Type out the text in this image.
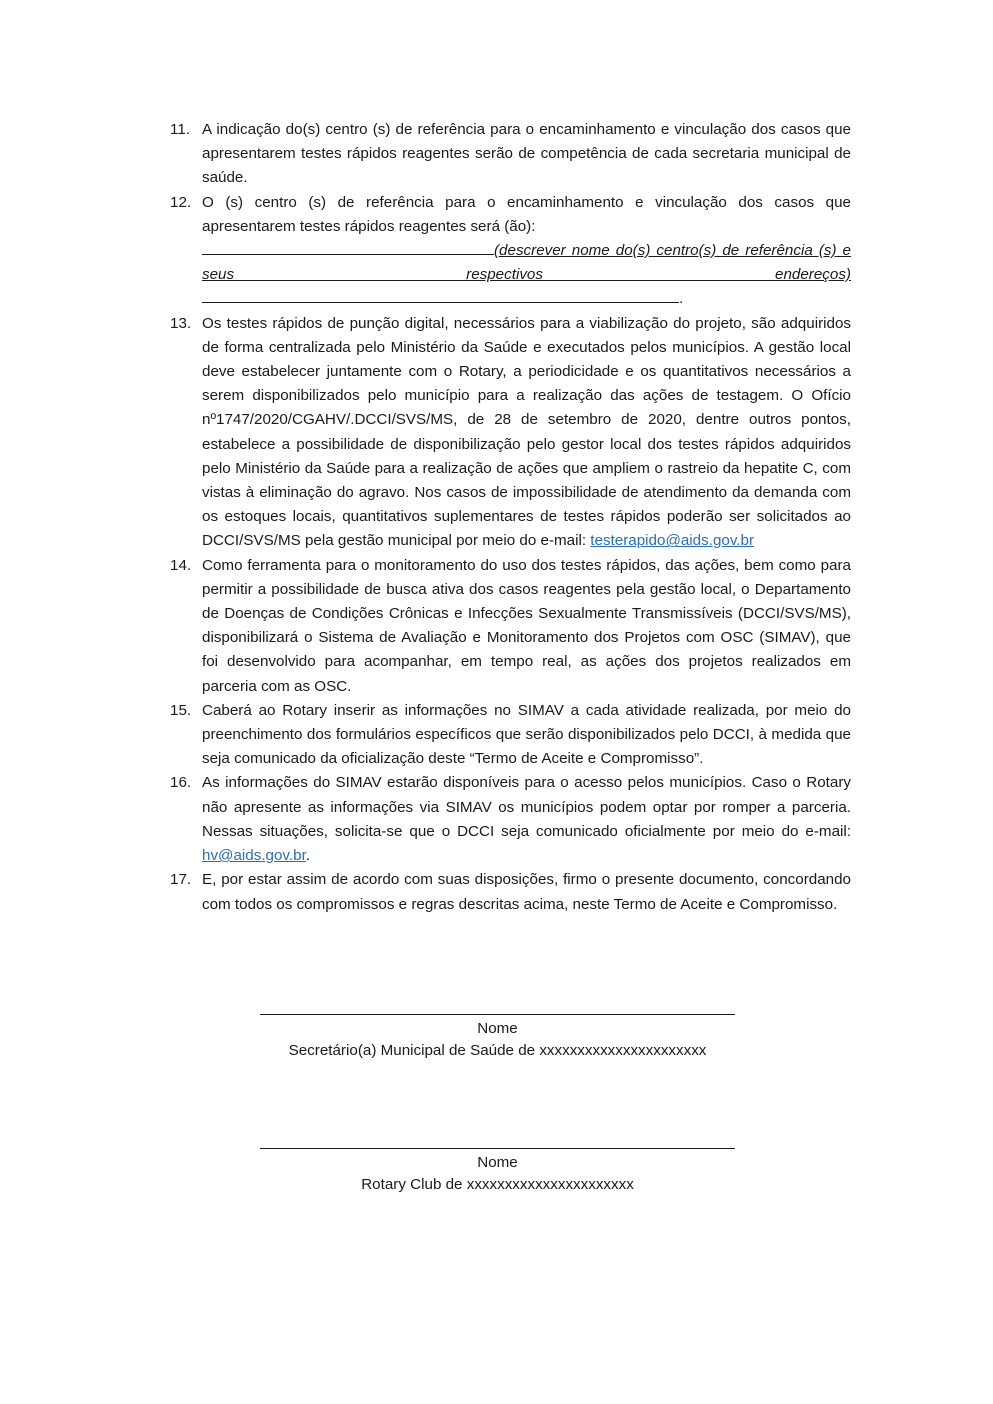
11. A indicação do(s) centro (s) de referência para o encaminhamento e vinculação dos casos que apresentarem testes rápidos reagentes serão de competência de cada secretaria municipal de saúde.
12. O (s) centro (s) de referência para o encaminhamento e vinculação dos casos que apresentarem testes rápidos reagentes será (ão):

(descrever nome do(s) centro(s) de referência (s) e seus respectivos endereços).
13. Os testes rápidos de punção digital, necessários para a viabilização do projeto, são adquiridos de forma centralizada pelo Ministério da Saúde e executados pelos municípios. A gestão local deve estabelecer juntamente com o Rotary, a periodicidade e os quantitativos necessários a serem disponibilizados pelo município para a realização das ações de testagem. O Ofício nº1747/2020/CGAHV/.DCCI/SVS/MS, de 28 de setembro de 2020, dentre outros pontos, estabelece a possibilidade de disponibilização pelo gestor local dos testes rápidos adquiridos pelo Ministério da Saúde para a realização de ações que ampliem o rastreio da hepatite C, com vistas à eliminação do agravo. Nos casos de impossibilidade de atendimento da demanda com os estoques locais, quantitativos suplementares de testes rápidos poderão ser solicitados ao DCCI/SVS/MS pela gestão municipal por meio do e-mail: testerapido@aids.gov.br
14. Como ferramenta para o monitoramento do uso dos testes rápidos, das ações, bem como para permitir a possibilidade de busca ativa dos casos reagentes pela gestão local, o Departamento de Doenças de Condições Crônicas e Infecções Sexualmente Transmissíveis (DCCI/SVS/MS), disponibilizará o Sistema de Avaliação e Monitoramento dos Projetos com OSC (SIMAV), que foi desenvolvido para acompanhar, em tempo real, as ações dos projetos realizados em parceria com as OSC.
15. Caberá ao Rotary inserir as informações no SIMAV a cada atividade realizada, por meio do preenchimento dos formulários específicos que serão disponibilizados pelo DCCI, à medida que seja comunicado da oficialização deste “Termo de Aceite e Compromisso”.
16. As informações do SIMAV estarão disponíveis para o acesso pelos municípios. Caso o Rotary não apresente as informações via SIMAV os municípios podem optar por romper a parceria. Nessas situações, solicita-se que o DCCI seja comunicado oficialmente por meio do e-mail: hv@aids.gov.br.
17. E, por estar assim de acordo com suas disposições, firmo o presente documento, concordando com todos os compromissos e regras descritas acima, neste Termo de Aceite e Compromisso.
Nome
Secretário(a) Municipal de Saúde de xxxxxxxxxxxxxxxxxxxxxx
Nome
Rotary Club de xxxxxxxxxxxxxxxxxxxxxx
